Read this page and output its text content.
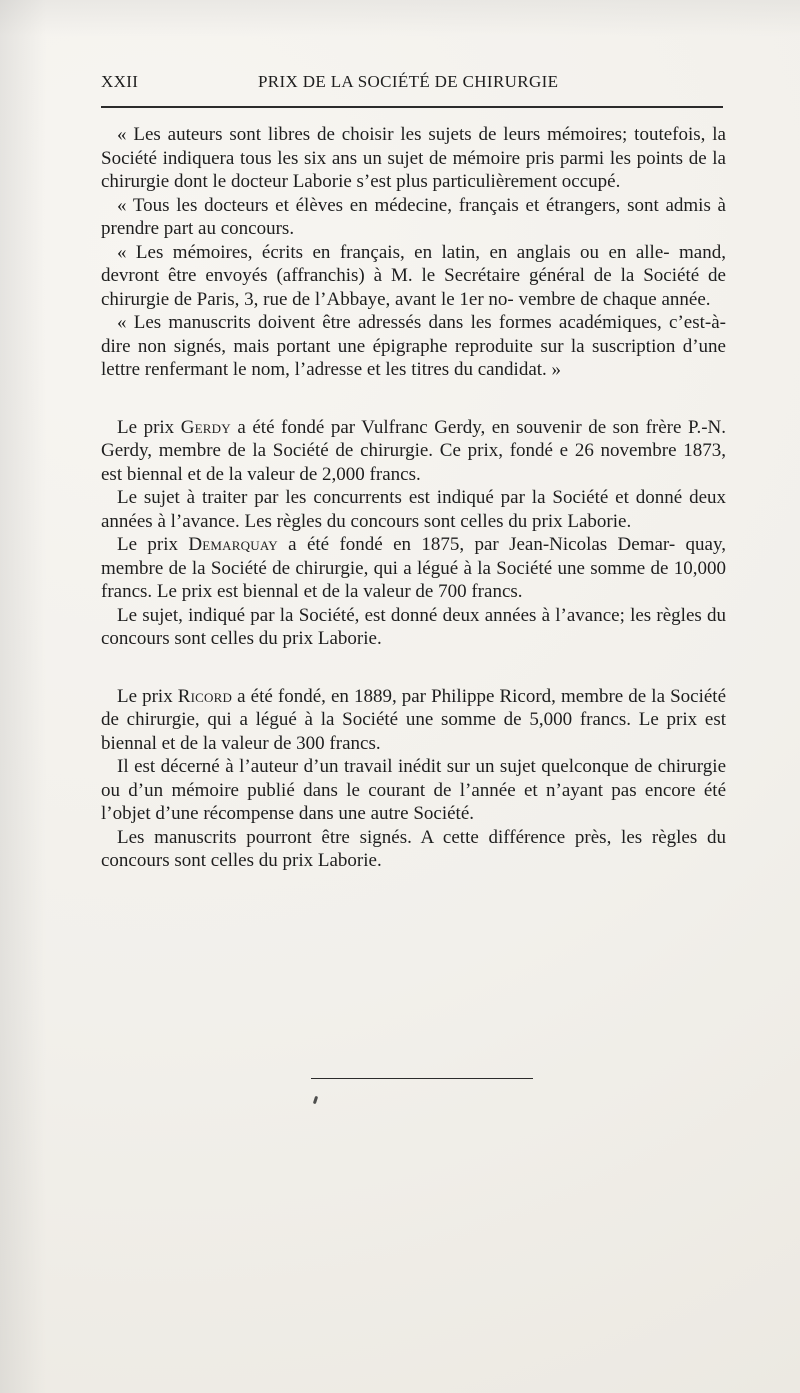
XXII	PRIX DE LA SOCIÉTÉ DE CHIRURGIE

« Les auteurs sont libres de choisir les sujets de leurs mémoires; toutefois, la Société indiquera tous les six ans un sujet de mémoire pris parmi les points de la chirurgie dont le docteur Laborie s’est plus particulièrement occupé.

« Tous les docteurs et élèves en médecine, français et étrangers, sont admis à prendre part au concours.

« Les mémoires, écrits en français, en latin, en anglais ou en alle- mand, devront être envoyés (affranchis) à M. le Secrétaire général de la Société de chirurgie de Paris, 3, rue de l’Abbaye, avant le 1er no- vembre de chaque année.

« Les manuscrits doivent être adressés dans les formes académiques, c’est-à-dire non signés, mais portant une épigraphe reproduite sur la suscription d’une lettre renfermant le nom, l’adresse et les titres du candidat. »

Le prix Gerdy a été fondé par Vulfranc Gerdy, en souvenir de son frère P.-N. Gerdy, membre de la Société de chirurgie. Ce prix, fondé e 26 novembre 1873, est biennal et de la valeur de 2,000 francs.

Le sujet à traiter par les concurrents est indiqué par la Société et donné deux années à l’avance. Les règles du concours sont celles du prix Laborie.

Le prix Demarquay a été fondé en 1875, par Jean-Nicolas Demar- quay, membre de la Société de chirurgie, qui a légué à la Société une somme de 10,000 francs. Le prix est biennal et de la valeur de 700 francs.

Le sujet, indiqué par la Société, est donné deux années à l’avance; les règles du concours sont celles du prix Laborie.

Le prix Ricord a été fondé, en 1889, par Philippe Ricord, membre de la Société de chirurgie, qui a légué à la Société une somme de 5,000 francs. Le prix est biennal et de la valeur de 300 francs.

Il est décerné à l’auteur d’un travail inédit sur un sujet quelconque de chirurgie ou d’un mémoire publié dans le courant de l’année et n’ayant pas encore été l’objet d’une récompense dans une autre Société.

Les manuscrits pourront être signés. A cette différence près, les règles du concours sont celles du prix Laborie.
